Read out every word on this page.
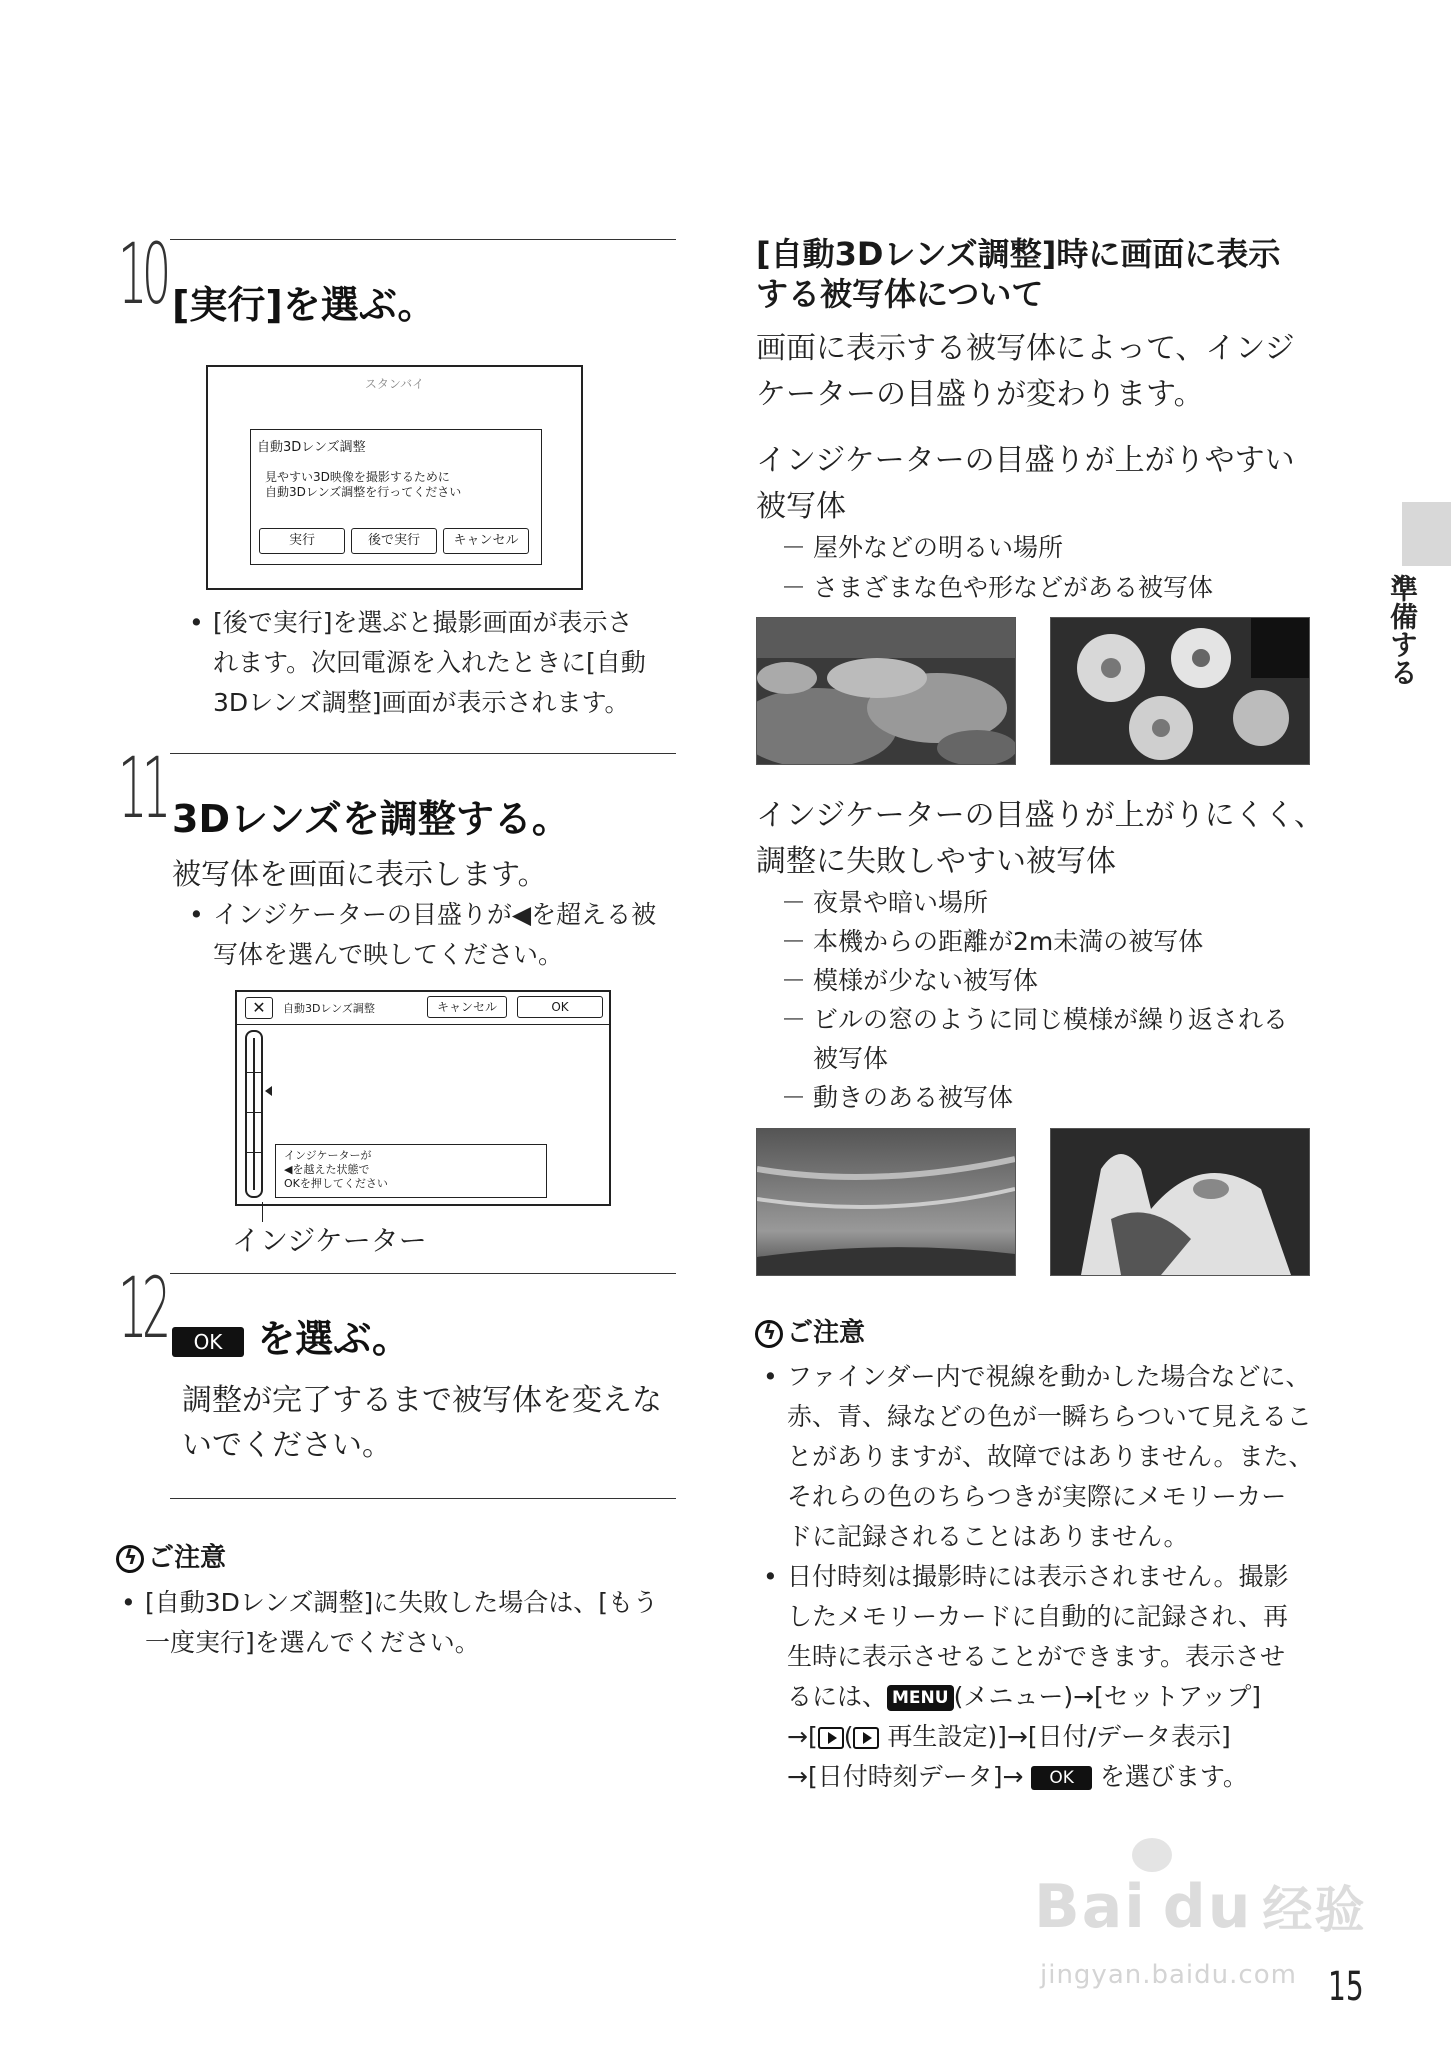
10 [実行]を選ぶ。
スタンバイ
自動3Dレンズ調整
見やすい3D映像を撮影するために
自動3Dレンズ調整を行ってください
実行	後で実行	キャンセル
• [後で実行]を選ぶと撮影画面が表示さ
れます。次回電源を入れたときに[自動
3Dレンズ調整]画面が表示されます。
11 3Dレンズを調整する。
被写体を画面に表示します。
• インジケーターの目盛りが◀を超える被
写体を選んで映してください。
✕	自動3Dレンズ調整	キャンセル	OK
インジケーターが
◀を越えた状態で
OKを押してください
インジケーター
12	OK を選ぶ。
調整が完了するまで被写体を変えな
いでください。
ϟご注意
• [自動3Dレンズ調整]に失敗した場合は、[もう
一度実行]を選んでください。
[自動3Dレンズ調整]時に画面に表示
する被写体について
画面に表示する被写体によって、インジ
ケーターの目盛りが変わります。
インジケーターの目盛りが上がりやすい
被写体
－ 屋外などの明るい場所
－ さまざまな色や形などがある被写体
インジケーターの目盛りが上がりにくく、
調整に失敗しやすい被写体
－ 夜景や暗い場所
－ 本機からの距離が2m未満の被写体
－ 模様が少ない被写体
－ ビルの窓のように同じ模様が繰り返される
被写体
－ 動きのある被写体
ϟご注意
• ファインダー内で視線を動かした場合などに、
赤、青、緑などの色が一瞬ちらついて見えるこ
とがありますが、故障ではありません。また、
それらの色のちらつきが実際にメモリーカー
ドに記録されることはありません。
• 日付時刻は撮影時には表示されません。撮影
したメモリーカードに自動的に記録され、再
生時に表示させることができます。表示させ
るには、 MENU (メニュー)→[セットアップ]
→[ ( 再生設定)]→[日付/データ表示]
→[日付時刻データ]→ OK を選びます。
準備する
Bai du 经验
jingyan.baidu.com 15
